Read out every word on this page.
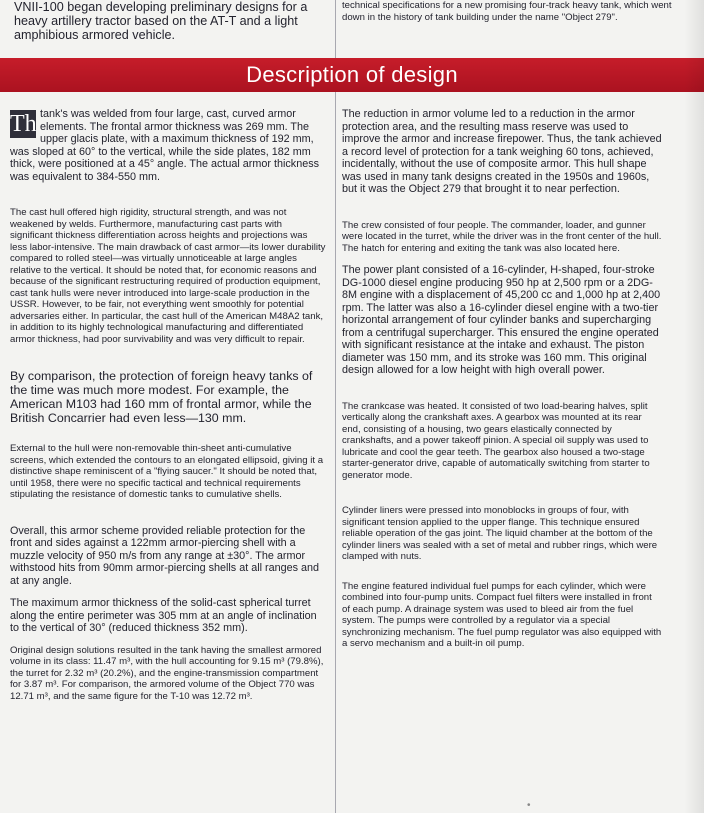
VNII-100 began developing preliminary designs for a heavy artillery tractor based on the AT-T and a light amphibious armored vehicle.

technical specifications for a new promising four-track heavy tank, which went down in the history of tank building under the name "Object 279".

Description of design
Th tank's was welded from four large, cast, curved armor elements. The frontal armor thickness was 269 mm. The upper glacis plate, with a maximum thickness of 192 mm, was sloped at 60° to the vertical, while the side plates, 182 mm thick, were positioned at a 45° angle. The actual armor thickness was equivalent to 384-550 mm.

The cast hull offered high rigidity, structural strength, and was not weakened by welds. Furthermore, manufacturing cast parts with significant thickness differentiation across heights and projections was less labor-intensive. The main drawback of cast armor—its lower durability compared to rolled steel—was virtually unnoticeable at large angles relative to the vertical. It should be noted that, for economic reasons and because of the significant restructuring required of production equipment, cast tank hulls were never introduced into large-scale production in the USSR. However, to be fair, not everything went smoothly for potential adversaries either. In particular, the cast hull of the American M48A2 tank, in addition to its highly technological manufacturing and differentiated armor thickness, had poor survivability and was very difficult to repair.

By comparison, the protection of foreign heavy tanks of the time was much more modest. For example, the American M103 had 160 mm of frontal armor, while the British Concarrier had even less—130 mm.

External to the hull were non-removable thin-sheet anti-cumulative screens, which extended the contours to an elongated ellipsoid, giving it a distinctive shape reminiscent of a "flying saucer." It should be noted that, until 1958, there were no specific tactical and technical requirements stipulating the resistance of domestic tanks to cumulative shells.

Overall, this armor scheme provided reliable protection for the front and sides against a 122mm armor-piercing shell with a muzzle velocity of 950 m/s from any range at ±30°. The armor withstood hits from 90mm armor-piercing shells at all ranges and at any angle.

The maximum armor thickness of the solid-cast spherical turret along the entire perimeter was 305 mm at an angle of inclination to the vertical of 30° (reduced thickness 352 mm).

Original design solutions resulted in the tank having the smallest armored volume in its class: 11.47 m³, with the hull accounting for 9.15 m³ (79.8%), the turret for 2.32 m³ (20.2%), and the engine-transmission compartment for 3.87 m³. For comparison, the armored volume of the Object 770 was 12.71 m³, and the same figure for the T-10 was 12.72 m³.

The reduction in armor volume led to a reduction in the armor protection area, and the resulting mass reserve was used to improve the armor and increase firepower. Thus, the tank achieved a record level of protection for a tank weighing 60 tons, achieved, incidentally, without the use of composite armor. This hull shape was used in many tank designs created in the 1950s and 1960s, but it was the Object 279 that brought it to near perfection.

The crew consisted of four people. The commander, loader, and gunner were located in the turret, while the driver was in the front center of the hull. The hatch for entering and exiting the tank was also located here.

The power plant consisted of a 16-cylinder, H-shaped, four-stroke DG-1000 diesel engine producing 950 hp at 2,500 rpm or a 2DG-8M engine with a displacement of 45,200 cc and 1,000 hp at 2,400 rpm. The latter was also a 16-cylinder diesel engine with a two-tier horizontal arrangement of four cylinder banks and supercharging from a centrifugal supercharger. This ensured the engine operated with significant resistance at the intake and exhaust. The piston diameter was 150 mm, and its stroke was 160 mm. This original design allowed for a low height with high overall power.

The crankcase was heated. It consisted of two load-bearing halves, split vertically along the crankshaft axes. A gearbox was mounted at its rear end, consisting of a housing, two gears elastically connected by crankshafts, and a power takeoff pinion. A special oil supply was used to lubricate and cool the gear teeth. The gearbox also housed a two-stage starter-generator drive, capable of automatically switching from starter to generator mode.

Cylinder liners were pressed into monoblocks in groups of four, with significant tension applied to the upper flange. This technique ensured reliable operation of the gas joint. The liquid chamber at the bottom of the cylinder liners was sealed with a set of metal and rubber rings, which were clamped with nuts.

The engine featured individual fuel pumps for each cylinder, which were combined into four-pump units. Compact fuel filters were installed in front of each pump. A drainage system was used to bleed air from the fuel system. The pumps were controlled by a regulator via a special synchronizing mechanism. The fuel pump regulator was also equipped with a servo mechanism and a built-in oil pump.

•
